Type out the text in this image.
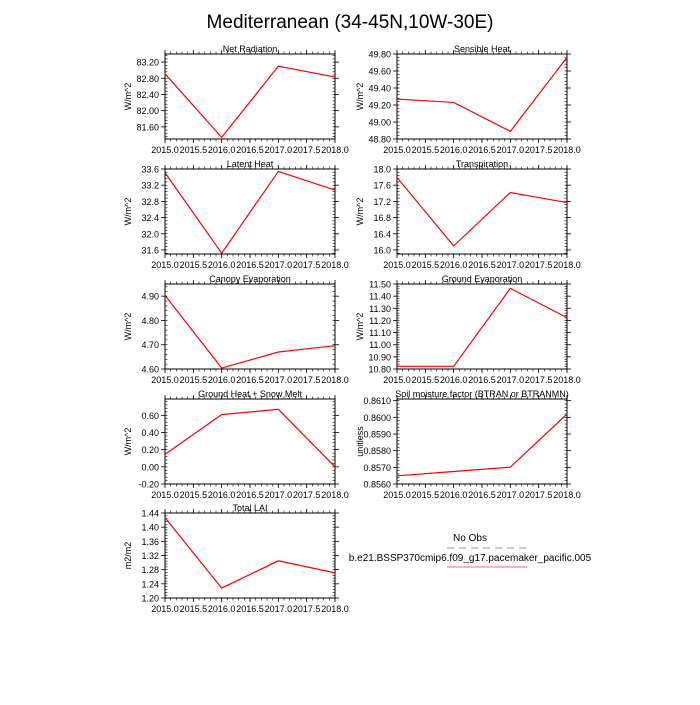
Mediterranean (34-45N,10W-30E)
No Obs
b.e21.BSSP370cmip6.f09_g17.pacemaker_pacific.005
81.60
82.00
82.40
82.80
83.20
2015.0 2015.5 2016.0 2016.5 2017.0 2017.5 2018.0
Net Radiation
W/m^2
48.80
49.00
49.20
49.40
49.60
49.80
2015.0 2015.5 2016.0 2016.5 2017.0 2017.5 2018.0
Sensible Heat
W/m^2
31.6
32.0
32.4
32.8
33.2
33.6
2015.0 2015.5 2016.0 2016.5 2017.0 2017.5 2018.0
Latent Heat
W/m^2
16.0
16.4
16.8
17.2
17.6
18.0
2015.0 2015.5 2016.0 2016.5 2017.0 2017.5 2018.0
Transpiration
W/m^2
4.60
4.70
4.80
4.90
2015.0 2015.5 2016.0 2016.5 2017.0 2017.5 2018.0
Canopy Evaporation
W/m^2
10.80
10.90
11.00
11.10
11.20
11.30
11.40
11.50
2015.0 2015.5 2016.0 2016.5 2017.0 2017.5 2018.0
Ground Evaporation
W/m^2
-0.20
0.00
0.20
0.40
0.60
2015.0 2015.5 2016.0 2016.5 2017.0 2017.5 2018.0
Ground Heat + Snow Melt
W/m^2
0.8560
0.8570
0.8580
0.8590
0.8600
0.8610
2015.0 2015.5 2016.0 2016.5 2017.0 2017.5 2018.0
Soil moisture factor (BTRAN or BTRANMN)
unitless
1.20
1.24
1.28
1.32
1.36
1.40
1.44
2015.0 2015.5 2016.0 2016.5 2017.0 2017.5 2018.0
Total LAI
m2/m2
